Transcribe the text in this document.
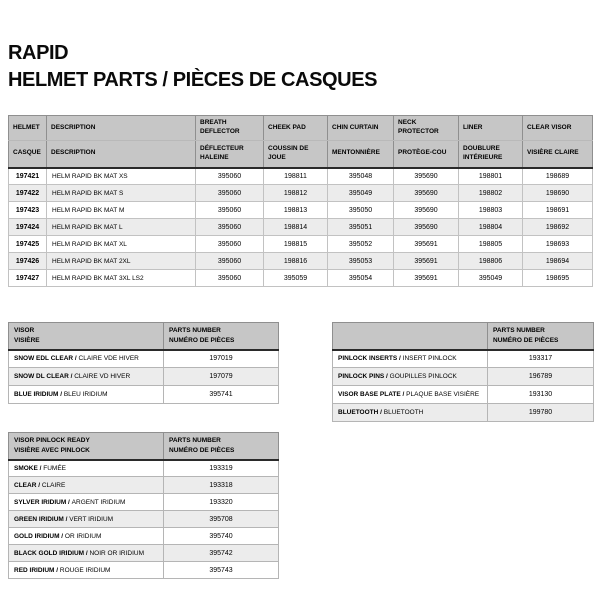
RAPID
HELMET PARTS / PIÈCES DE CASQUES
HELMET	DESCRIPTION	BREATH DEFLECTOR	CHEEK PAD	CHIN CURTAIN	NECK PROTECTOR	LINER	CLEAR VISOR
CASQUE	DESCRIPTION	DÉFLECTEUR HALEINE	COUSSIN DE JOUE	MENTONNIÈRE	PROTÈGE-COU	DOUBLURE INTÉRIEURE	VISIÈRE CLAIRE
197421	HELM RAPID BK MAT XS	395060	198811	395048	395690	198801	198689
197422	HELM RAPID BK MAT S	395060	198812	395049	395690	198802	198690
197423	HELM RAPID BK MAT M	395060	198813	395050	395690	198803	198691
197424	HELM RAPID BK MAT L	395060	198814	395051	395690	198804	198692
197425	HELM RAPID BK MAT XL	395060	198815	395052	395691	198805	198693
197426	HELM RAPID BK MAT 2XL	395060	198816	395053	395691	198806	198694
197427	HELM RAPID BK MAT 3XL LS2	395060	395059	395054	395691	395049	198695
VISOR
VISIÈRE	PARTS NUMBER
NUMÉRO DE PIÈCES

SNOW EDL CLEAR / CLAIRE VDE HIVER	197019
SNOW DL CLEAR / CLAIRE VD HIVER	197079
BLUE IRIDIUM / BLEU IRIDIUM	395741

	PARTS NUMBER
NUMÉRO DE PIÈCES

PINLOCK INSERTS / INSERT PINLOCK	193317
PINLOCK PINS / GOUPILLES PINLOCK	196789
VISOR BASE PLATE / PLAQUE BASE VISIÈRE	193130
BLUETOOTH / BLUETOOTH	199780
VISOR PINLOCK READY
VISIÈRE AVEC PINLOCK	PARTS NUMBER
NUMÉRO DE PIÈCES

SMOKE / FUMÉE	193319
CLEAR / CLAIRE	193318
SYLVER IRIDIUM / ARGENT IRIDIUM	193320
GREEN IRIDIUM / VERT IRIDIUM	395708
GOLD IRIDIUM / OR IRIDIUM	395740
BLACK GOLD IRIDIUM / NOIR OR IRIDIUM	395742
RED IRIDIUM / ROUGE IRIDIUM	395743
